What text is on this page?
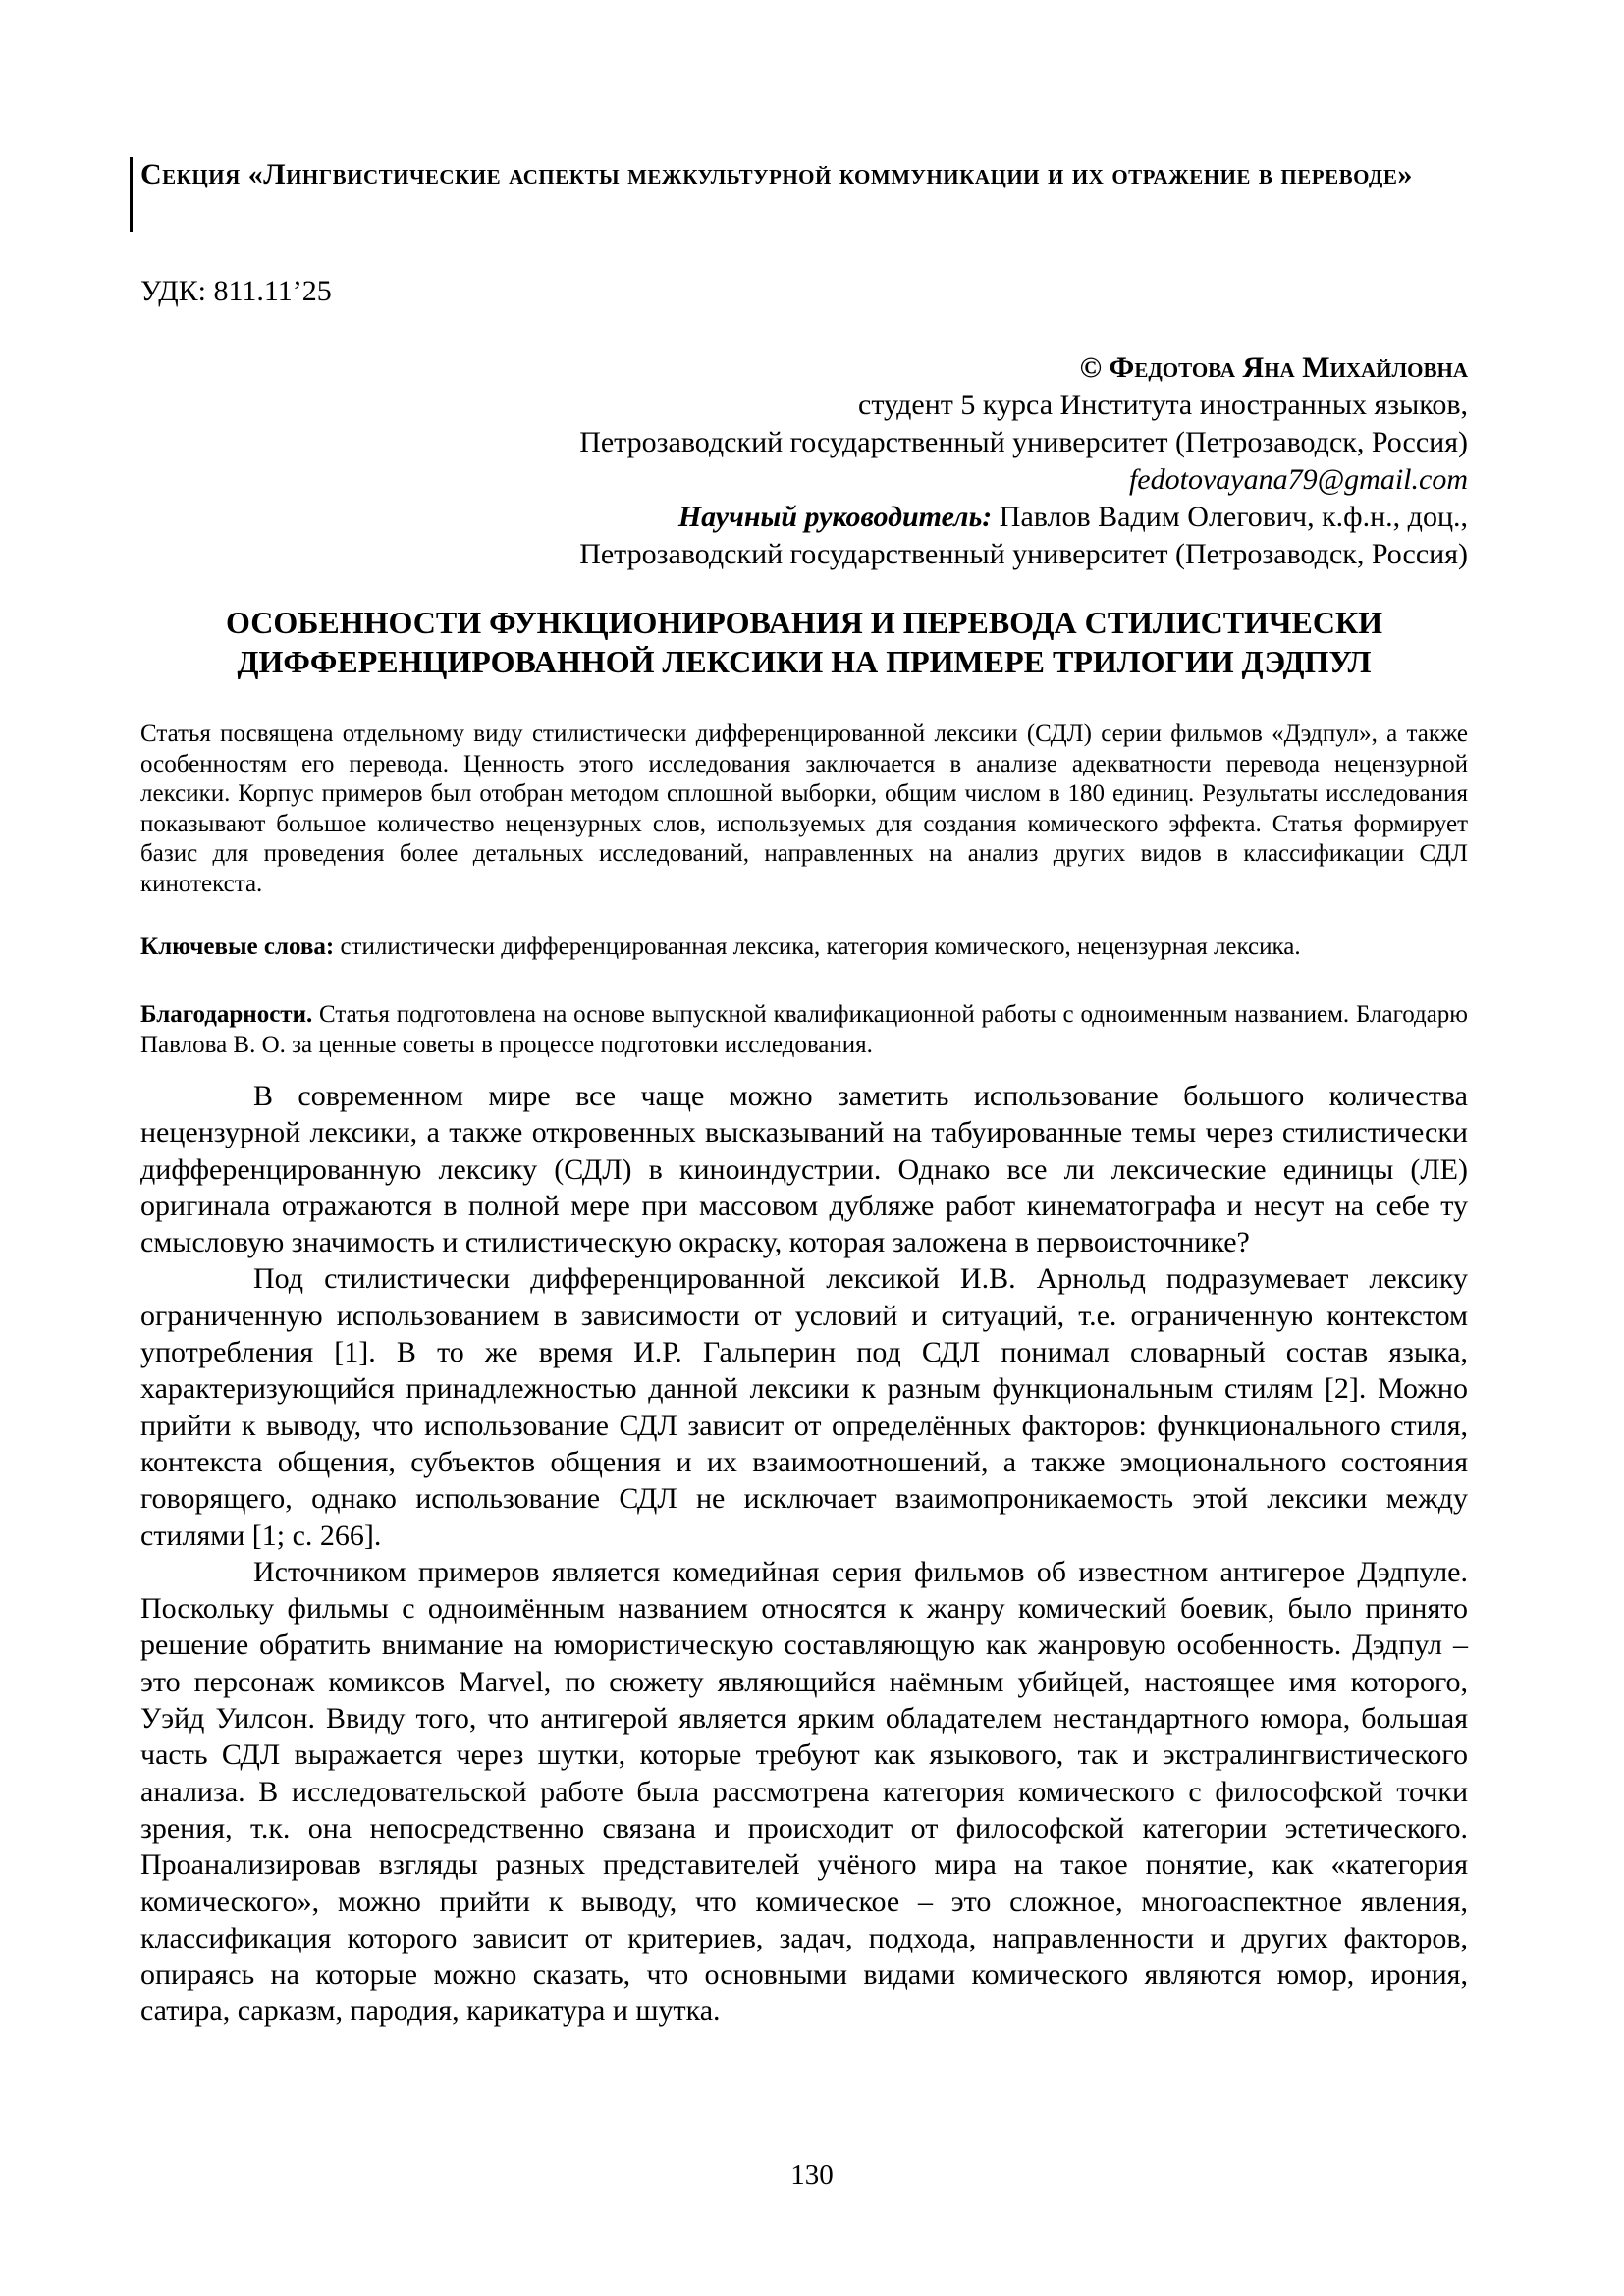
Секция «Лингвистические аспекты межкультурной коммуникации и их отражение в переводе»
УДК: 811.11’25
© Федотова Яна Михайловна
студент 5 курса Института иностранных языков,
Петрозаводский государственный университет (Петрозаводск, Россия)
fedotovayana79@gmail.com
Научный руководитель: Павлов Вадим Олегович, к.ф.н., доц.,
Петрозаводский государственный университет (Петрозаводск, Россия)
ОСОБЕННОСТИ ФУНКЦИОНИРОВАНИЯ И ПЕРЕВОДА СТИЛИСТИЧЕСКИ ДИФФЕРЕНЦИРОВАННОЙ ЛЕКСИКИ НА ПРИМЕРЕ ТРИЛОГИИ ДЭДПУЛ
Статья посвящена отдельному виду стилистически дифференцированной лексики (СДЛ) серии фильмов «Дэдпул», а также особенностям его перевода. Ценность этого исследования заключается в анализе адекватности перевода нецензурной лексики. Корпус примеров был отобран методом сплошной выборки, общим числом в 180 единиц. Результаты исследования показывают большое количество нецензурных слов, используемых для создания комического эффекта. Статья формирует базис для проведения более детальных исследований, направленных на анализ других видов в классификации СДЛ кинотекста.
Ключевые слова: стилистически дифференцированная лексика, категория комического, нецензурная лексика.
Благодарности. Статья подготовлена на основе выпускной квалификационной работы с одноименным названием. Благодарю Павлова В. О. за ценные советы в процессе подготовки исследования.

В современном мире все чаще можно заметить использование большого количества нецензурной лексики, а также откровенных высказываний на табуированные темы через стилистически дифференцированную лексику (СДЛ) в киноиндустрии. Однако все ли лексические единицы (ЛЕ) оригинала отражаются в полной мере при массовом дубляже работ кинематографа и несут на себе ту смысловую значимость и стилистическую окраску, которая заложена в первоисточнике?

Под стилистически дифференцированной лексикой И.В. Арнольд подразумевает лексику ограниченную использованием в зависимости от условий и ситуаций, т.е. ограниченную контекстом употребления [1]. В то же время И.Р. Гальперин под СДЛ понимал словарный состав языка, характеризующийся принадлежностью данной лексики к разным функциональным стилям [2]. Можно прийти к выводу, что использование СДЛ зависит от определённых факторов: функционального стиля, контекста общения, субъектов общения и их взаимоотношений, а также эмоционального состояния говорящего, однако использование СДЛ не исключает взаимопроникаемость этой лексики между стилями [1; с. 266].

Источником примеров является комедийная серия фильмов об известном антигерое Дэдпуле. Поскольку фильмы с одноимённым названием относятся к жанру комический боевик, было принято решение обратить внимание на юмористическую составляющую как жанровую особенность. Дэдпул – это персонаж комиксов Marvel, по сюжету являющийся наёмным убийцей, настоящее имя которого, Уэйд Уилсон. Ввиду того, что антигерой является ярким обладателем нестандартного юмора, большая часть СДЛ выражается через шутки, которые требуют как языкового, так и экстралингвистического анализа. В исследовательской работе была рассмотрена категория комического с философской точки зрения, т.к. она непосредственно связана и происходит от философской категории эстетического. Проанализировав взгляды разных представителей учёного мира на такое понятие, как «категория комического», можно прийти к выводу, что комическое – это сложное, многоаспектное явления, классификация которого зависит от критериев, задач, подхода, направленности и других факторов, опираясь на которые можно сказать, что основными видами комического являются юмор, ирония, сатира, сарказм, пародия, карикатура и шутка.

130
